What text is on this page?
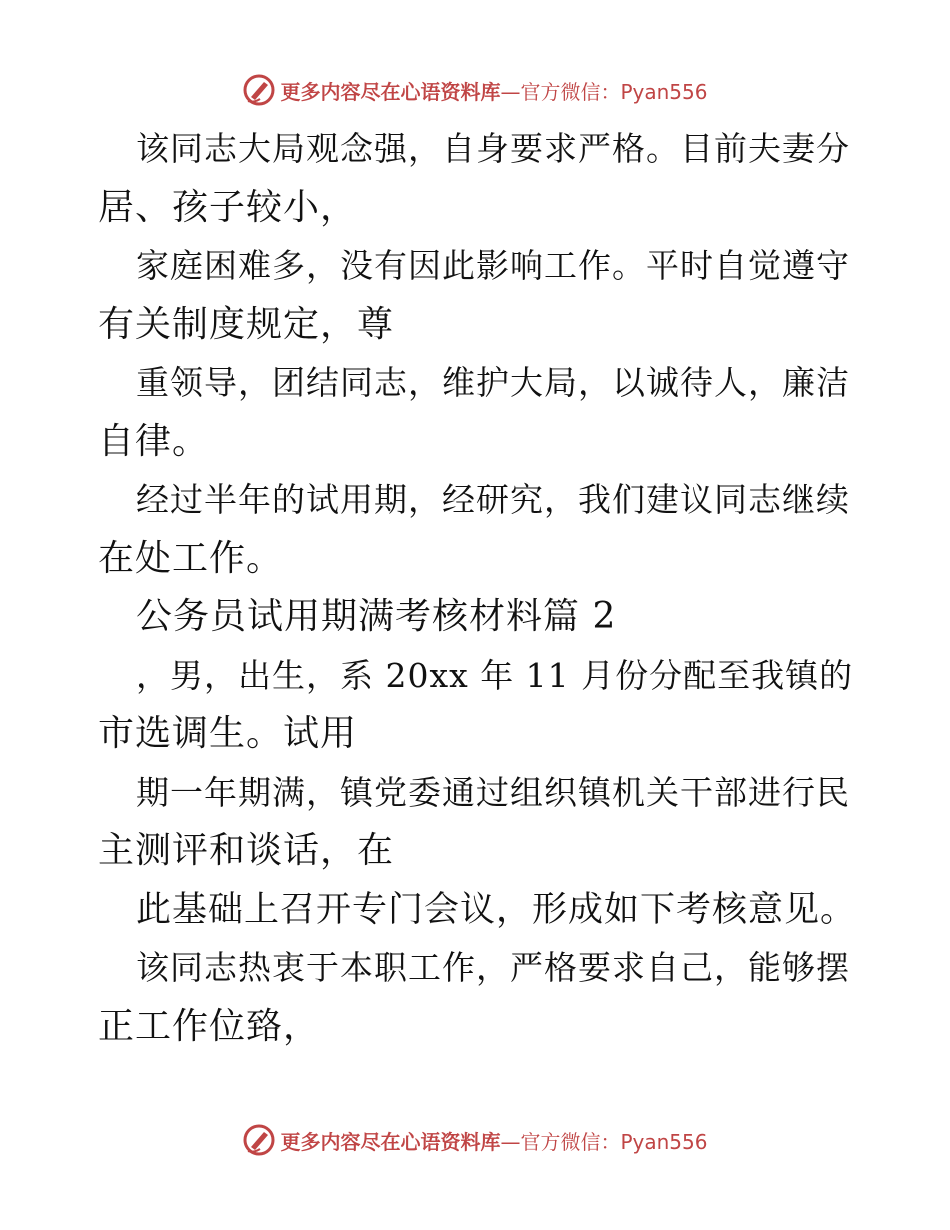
更多内容尽在心语资料库 —官方微信：Pyan556
该同志大局观念强，自身要求严格。目前夫妻分
居、孩子较小，
家庭困难多，没有因此影响工作。平时自觉遵守
有关制度规定，尊
重领导，团结同志，维护大局，以诚待人，廉洁
自律。
经过半年的试用期，经研究，我们建议同志继续
在处工作。
公务员试用期满考核材料篇 2
，男，出生，系 20xx 年 11 月份分配至我镇的
市选调生。试用
期一年期满，镇党委通过组织镇机关干部进行民
主测评和谈话，在
此基础上召开专门会议，形成如下考核意见。
该同志热衷于本职工作，严格要求自己，能够摆
正工作位臵，
更多内容尽在心语资料库 —官方微信：Pyan556
